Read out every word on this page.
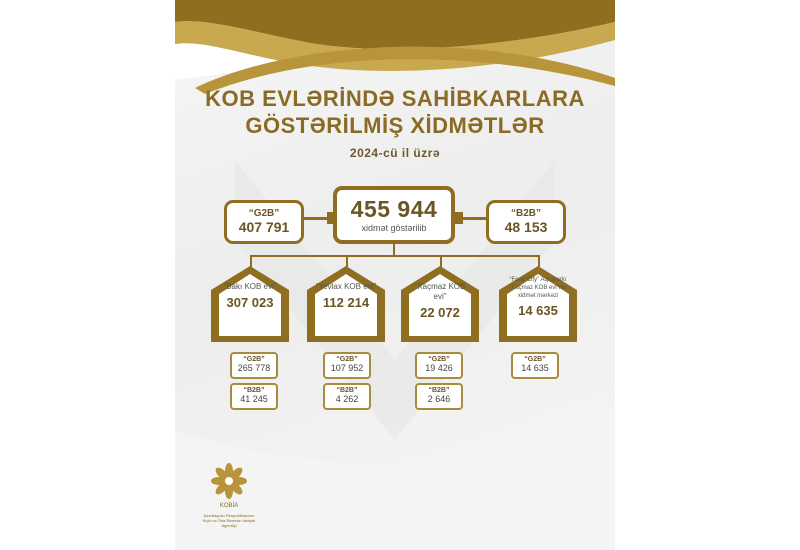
KOB EVLƏRİNDƏ SAHİBKARLARA
GÖSTƏRİLMİŞ XİDMƏTLƏR
2024-cü il üzrə
“G2B”
407 791
455 944
xidmət göstərilib
“B2B”
48 153
“Bakı KOB evi”
307 023
“Yevlax KOB evi”
112 214
“Xaçmaz KOB evi”
22 072
“Food City” Aqroparkı “Xaçmaz KOB evi”nin xidmət mərkəzi
14 635
“G2B”
265 778
“B2B”
41 245
“G2B”
107 952
“B2B”
4 262
“G2B”
19 426
“B2B”
2 646
“G2B”
14 635
KOBİA
Azərbaycan Respublikasının Kiçik və Orta Biznesin İnkişafı Agentliyi
